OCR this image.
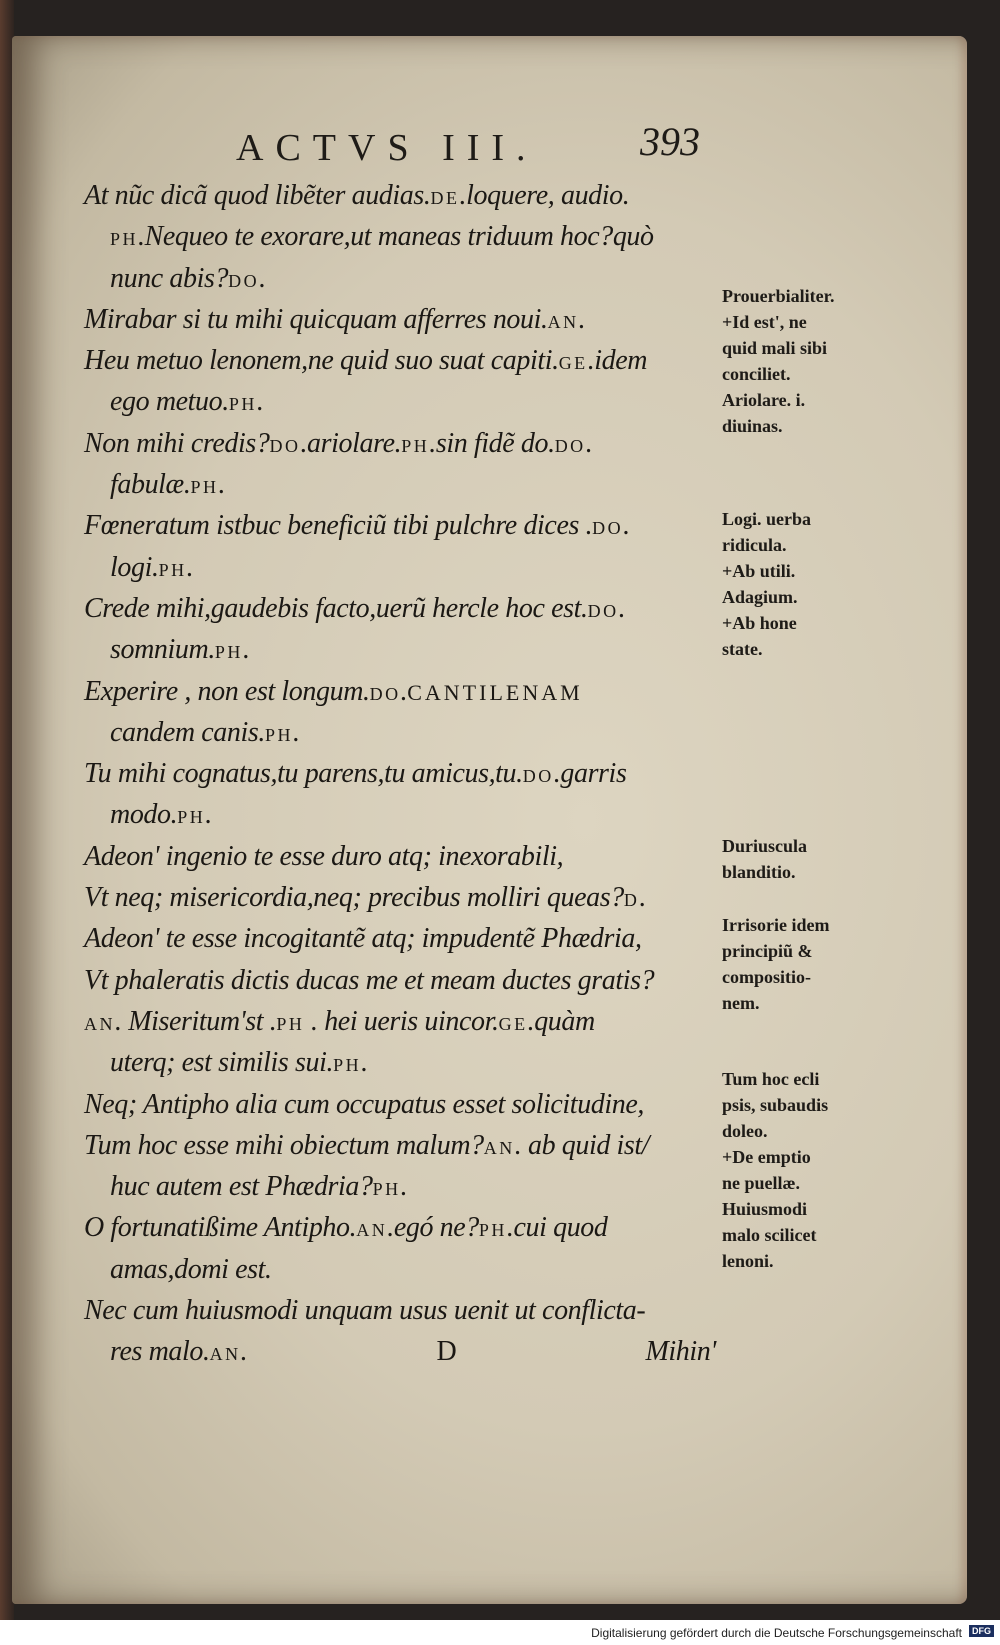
ACTVS III.	393
At nũc dicã quod libẽter audias.DE.loquere, audio.
PH.Nequeo te exorare,ut maneas triduum hoc?quò
nunc abis?DO.
Mirabar si tu mihi quicquam afferres noui.AN.
Heu metuo lenonem,ne quid suo suat capiti.GE.idem
ego metuo.PH.
Non mihi credis?DO.ariolare.PH.sin fidẽ do.DO.
fabulæ.PH.
Fœneratum istbuc beneficiũ tibi pulchre dices .DO.
logi.PH.
Crede mihi,gaudebis facto,uerũ hercle hoc est.DO.
somnium.PH.
Experire , non est longum.DO.CANTILENAM
candem canis.PH.
Tu mihi cognatus,tu parens,tu amicus,tu.DO.garris
modo.PH.
Adeon' ingenio te esse duro atq; inexorabili,
Vt neq; misericordia,neq; precibus molliri queas?D.
Adeon' te esse incogitantẽ atq; impudentẽ Phædria,
Vt phaleratis dictis ducas me et meam ductes gratis?
AN. Miseritum'st .PH . hei ueris uincor.GE.quàm
uterq; est similis sui.PH.
Neq; Antipho alia cum occupatus esset solicitudine,
Tum hoc esse mihi obiectum malum?AN. ab quid ist/
huc autem est Phædria?PH.
O fortunatißime Antipho.AN.egó ne?PH.cui quod
amas,domi est.
Nec cum huiusmodi unquam usus uenit ut conflicta-
res malo.AN.	D	Mihin'
Prouerbialiter.
+Id est', ne
quid mali sibi
conciliet.
Ariolare. i.
diuinas.
Logi. uerba
ridicula.
+Ab utili.
Adagium.
+Ab hone
state.
Duriuscula
blanditio.
Irrisorie idem
principiũ &
compositio-
nem.
Tum hoc ecli
psis, subaudis
doleo.
+De emptio
ne puellæ.
Huiusmodi
malo scilicet
lenoni.
Digitalisierung gefördert durch die Deutsche Forschungsgemeinschaft	DFG
